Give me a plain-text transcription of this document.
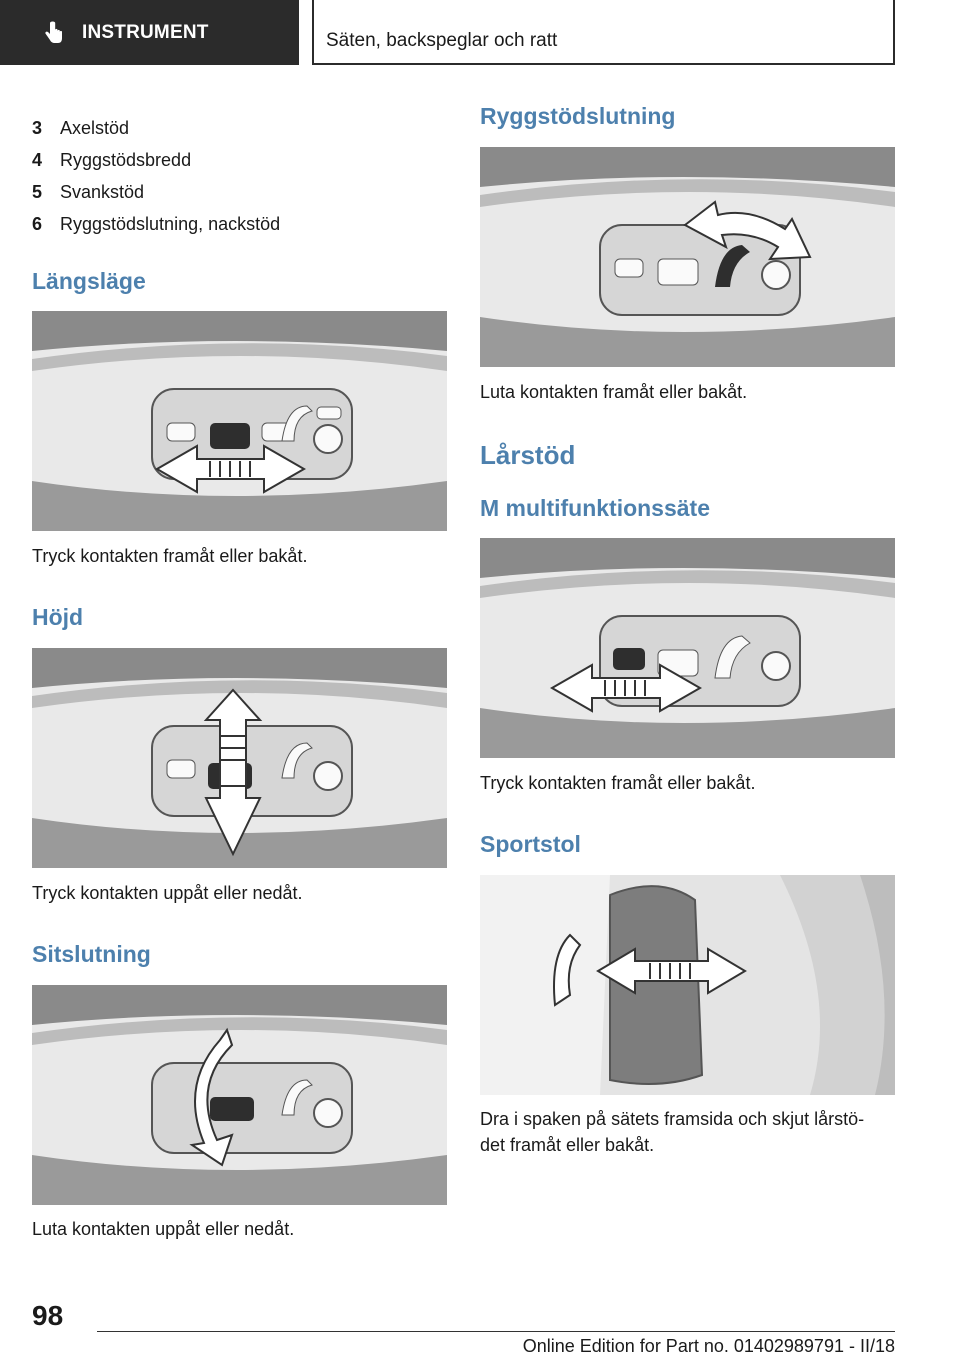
INSTRUMENT	Säten, backspeglar och ratt
3 Axelstöd
4 Ryggstödsbredd
5 Svankstöd
6 Ryggstödslutning, nackstöd
Längsläge
Tryck kontakten framåt eller bakåt.
Höjd
Tryck kontakten uppåt eller nedåt.
Sitslutning
Luta kontakten uppåt eller nedåt.
Ryggstödslutning
Luta kontakten framåt eller bakåt.
Lårstöd
M multifunktionssäte
Tryck kontakten framåt eller bakåt.
Sportstol
Dra i spaken på sätets framsida och skjut lårstö-
det framåt eller bakåt.
98
Online Edition for Part no. 01402989791 - II/18
